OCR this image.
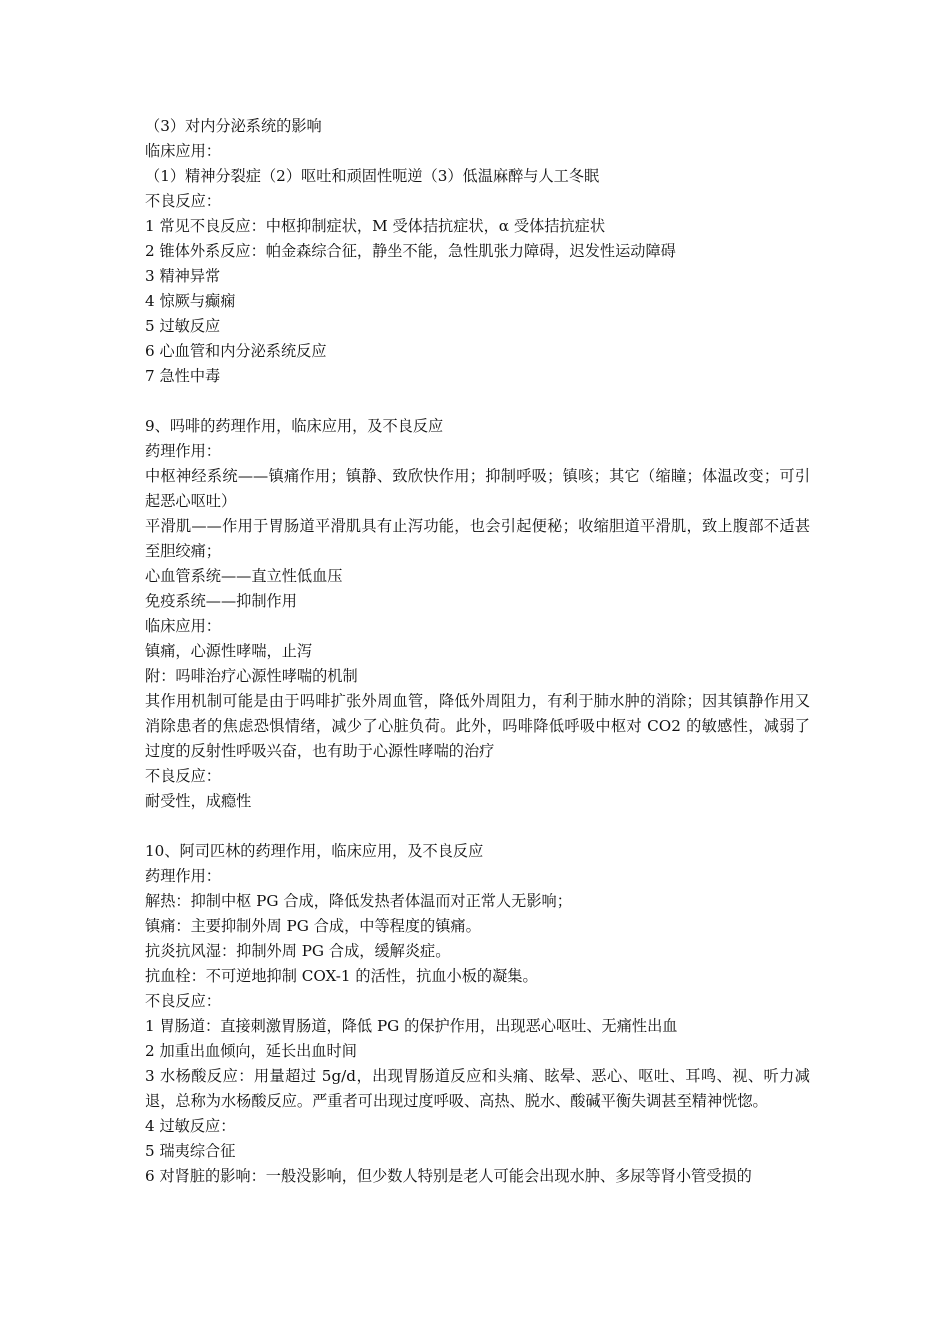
（3）对内分泌系统的影响
临床应用：
（1）精神分裂症（2）呕吐和顽固性呃逆（3）低温麻醉与人工冬眠
不良反应：
1 常见不良反应：中枢抑制症状，M 受体拮抗症状，α 受体拮抗症状
2 锥体外系反应：帕金森综合征，静坐不能，急性肌张力障碍，迟发性运动障碍
3 精神异常
4 惊厥与癫痫
5 过敏反应
6 心血管和内分泌系统反应
7 急性中毒
9、吗啡的药理作用，临床应用，及不良反应
药理作用：
中枢神经系统——镇痛作用；镇静、致欣快作用；抑制呼吸；镇咳；其它（缩瞳；体温改变；可引起恶心呕吐）
平滑肌——作用于胃肠道平滑肌具有止泻功能，也会引起便秘；收缩胆道平滑肌，致上腹部不适甚至胆绞痛；
心血管系统——直立性低血压
免疫系统——抑制作用
临床应用：
镇痛，心源性哮喘，止泻
附：吗啡治疗心源性哮喘的机制
其作用机制可能是由于吗啡扩张外周血管，降低外周阻力，有利于肺水肿的消除；因其镇静作用又消除患者的焦虑恐惧情绪，减少了心脏负荷。此外，吗啡降低呼吸中枢对 CO2 的敏感性，减弱了过度的反射性呼吸兴奋，也有助于心源性哮喘的治疗
不良反应：
耐受性，成瘾性
10、阿司匹林的药理作用，临床应用，及不良反应
药理作用：
解热：抑制中枢 PG 合成，降低发热者体温而对正常人无影响；
镇痛：主要抑制外周 PG 合成，中等程度的镇痛。
抗炎抗风湿：抑制外周 PG 合成，缓解炎症。
抗血栓：不可逆地抑制 COX-1 的活性，抗血小板的凝集。
不良反应：
1 胃肠道：直接刺激胃肠道，降低 PG 的保护作用，出现恶心呕吐、无痛性出血
2 加重出血倾向，延长出血时间
3 水杨酸反应：用量超过 5g/d，出现胃肠道反应和头痛、眩晕、恶心、呕吐、耳鸣、视、听力减退，总称为水杨酸反应。严重者可出现过度呼吸、高热、脱水、酸碱平衡失调甚至精神恍惚。
4 过敏反应：
5 瑞夷综合征
6 对肾脏的影响：一般没影响，但少数人特别是老人可能会出现水肿、多尿等肾小管受损的
